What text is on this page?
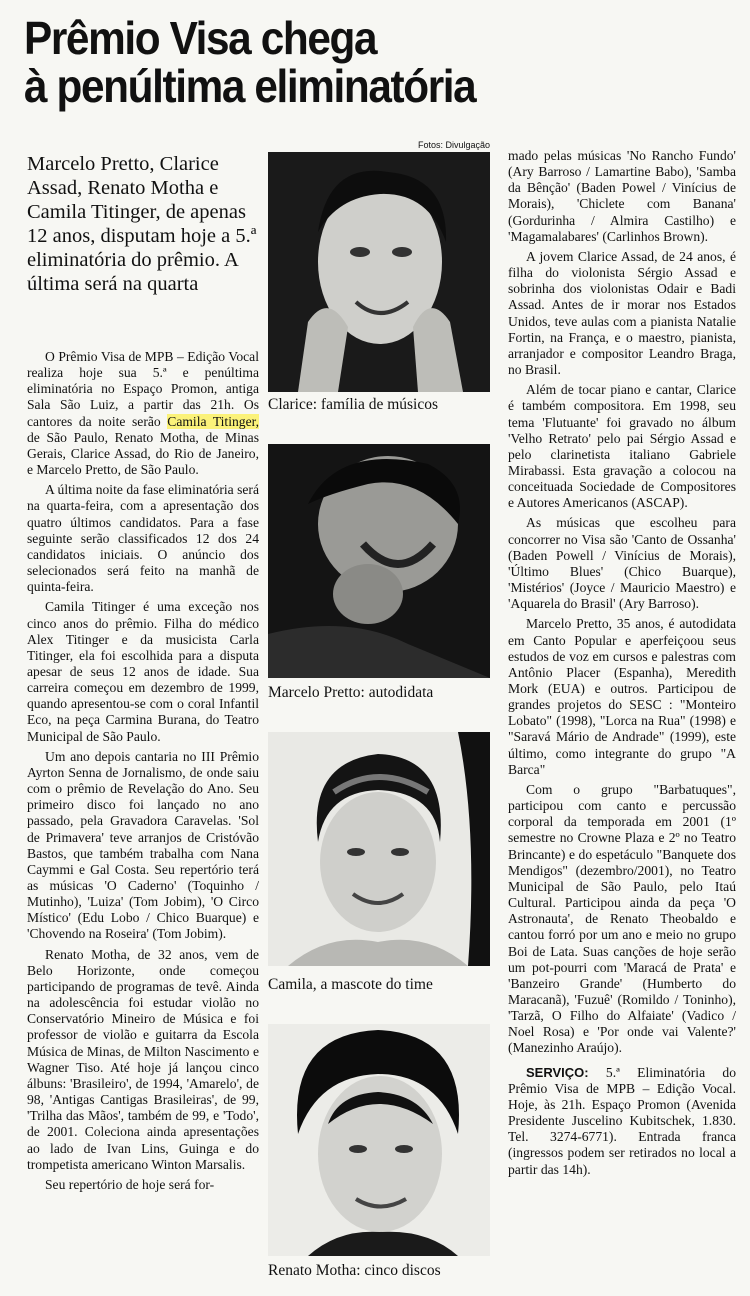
Prêmio Visa chega
à penúltima eliminatória
Marcelo Pretto, Clarice Assad, Renato Motha e Camila Titinger, de apenas 12 anos, disputam hoje a 5.ª eliminatória do prêmio. A última será na quarta
Fotos: Divulgação
Clarice: família de músicos
Marcelo Pretto: autodidata
Camila, a mascote do time
Renato Motha: cinco discos

O Prêmio Visa de MPB – Edição Vocal realiza hoje sua 5.ª e penúltima eliminatória no Espaço Promon, antiga Sala São Luiz, a partir das 21h. Os cantores da noite serão Camila Titinger, de São Paulo, Renato Motha, de Minas Gerais, Clarice Assad, do Rio de Janeiro, e Marcelo Pretto, de São Paulo.

A última noite da fase eliminatória será na quarta-feira, com a apresentação dos quatro últimos candidatos. Para a fase seguinte serão classificados 12 dos 24 candidatos iniciais. O anúncio dos selecionados será feito na manhã de quinta-feira.

Camila Titinger é uma exceção nos cinco anos do prêmio. Filha do médico Alex Titinger e da musicista Carla Titinger, ela foi escolhida para a disputa apesar de seus 12 anos de idade. Sua carreira começou em dezembro de 1999, quando apresentou-se com o coral Infantil Eco, na peça Carmina Burana, do Teatro Municipal de São Paulo.

Um ano depois cantaria no III Prêmio Ayrton Senna de Jornalismo, de onde saiu com o prêmio de Revelação do Ano. Seu primeiro disco foi lançado no ano passado, pela Gravadora Caravelas. 'Sol de Primavera' teve arranjos de Cristóvão Bastos, que também trabalha com Nana Caymmi e Gal Costa. Seu repertório terá as músicas 'O Caderno' (Toquinho / Mutinho), 'Luiza' (Tom Jobim), 'O Circo Místico' (Edu Lobo / Chico Buarque) e 'Chovendo na Roseira' (Tom Jobim).

Renato Motha, de 32 anos, vem de Belo Horizonte, onde começou participando de programas de tevê. Ainda na adolescência foi estudar violão no Conservatório Mineiro de Música e foi professor de violão e guitarra da Escola Música de Minas, de Milton Nascimento e Wagner Tiso. Até hoje já lançou cinco álbuns: 'Brasileiro', de 1994, 'Amarelo', de 98, 'Antigas Cantigas Brasileiras', de 99, 'Trilha das Mãos', também de 99, e 'Todo', de 2001. Coleciona ainda apresentações ao lado de Ivan Lins, Guinga e do trompetista americano Winton Marsalis.

Seu repertório de hoje será for-

mado pelas músicas 'No Rancho Fundo' (Ary Barroso / Lamartine Babo), 'Samba da Bênção' (Baden Powel / Vinícius de Morais), 'Chiclete com Banana' (Gordurinha / Almira Castilho) e 'Magamalabares' (Carlinhos Brown).

A jovem Clarice Assad, de 24 anos, é filha do violonista Sérgio Assad e sobrinha dos violonistas Odair e Badi Assad. Antes de ir morar nos Estados Unidos, teve aulas com a pianista Natalie Fortin, na França, e o maestro, pianista, arranjador e compositor Leandro Braga, no Brasil.

Além de tocar piano e cantar, Clarice é também compositora. Em 1998, seu tema 'Flutuante' foi gravado no álbum 'Velho Retrato' pelo pai Sérgio Assad e pelo clarinetista italiano Gabriele Mirabassi. Esta gravação a colocou na conceituada Sociedade de Compositores e Autores Americanos (ASCAP).

As músicas que escolheu para concorrer no Visa são 'Canto de Ossanha' (Baden Powell / Vinícius de Morais), 'Último Blues' (Chico Buarque), 'Mistérios' (Joyce / Mauricio Maestro) e 'Aquarela do Brasil' (Ary Barroso).

Marcelo Pretto, 35 anos, é autodidata em Canto Popular e aperfeiçoou seus estudos de voz em cursos e palestras com Antônio Placer (Espanha), Meredith Mork (EUA) e outros. Participou de grandes projetos do SESC : "Monteiro Lobato" (1998), "Lorca na Rua" (1998) e "Saravá Mário de Andrade" (1999), este último, como integrante do grupo "A Barca"

Com o grupo "Barbatuques", participou com canto e percussão corporal da temporada em 2001 (1º semestre no Crowne Plaza e 2º no Teatro Brincante) e do espetáculo "Banquete dos Mendigos" (dezembro/2001), no Teatro Municipal de São Paulo, pelo Itaú Cultural. Participou ainda da peça 'O Astronauta', de Renato Theobaldo e cantou forró por um ano e meio no grupo Boi de Lata. Suas canções de hoje serão um pot-pourri com 'Maracá de Prata' e 'Banzeiro Grande' (Humberto do Maracanã), 'Fuzuê' (Romildo / Toninho), 'Tarzã, O Filho do Alfaiate' (Vadico / Noel Rosa) e 'Por onde vai Valente?' (Manezinho Araújo).

SERVIÇO: 5.ª Eliminatória do Prêmio Visa de MPB – Edição Vocal. Hoje, às 21h. Espaço Promon (Avenida Presidente Juscelino Kubitschek, 1.830. Tel. 3274-6771). Entrada franca (ingressos podem ser retirados no local a partir das 14h).
